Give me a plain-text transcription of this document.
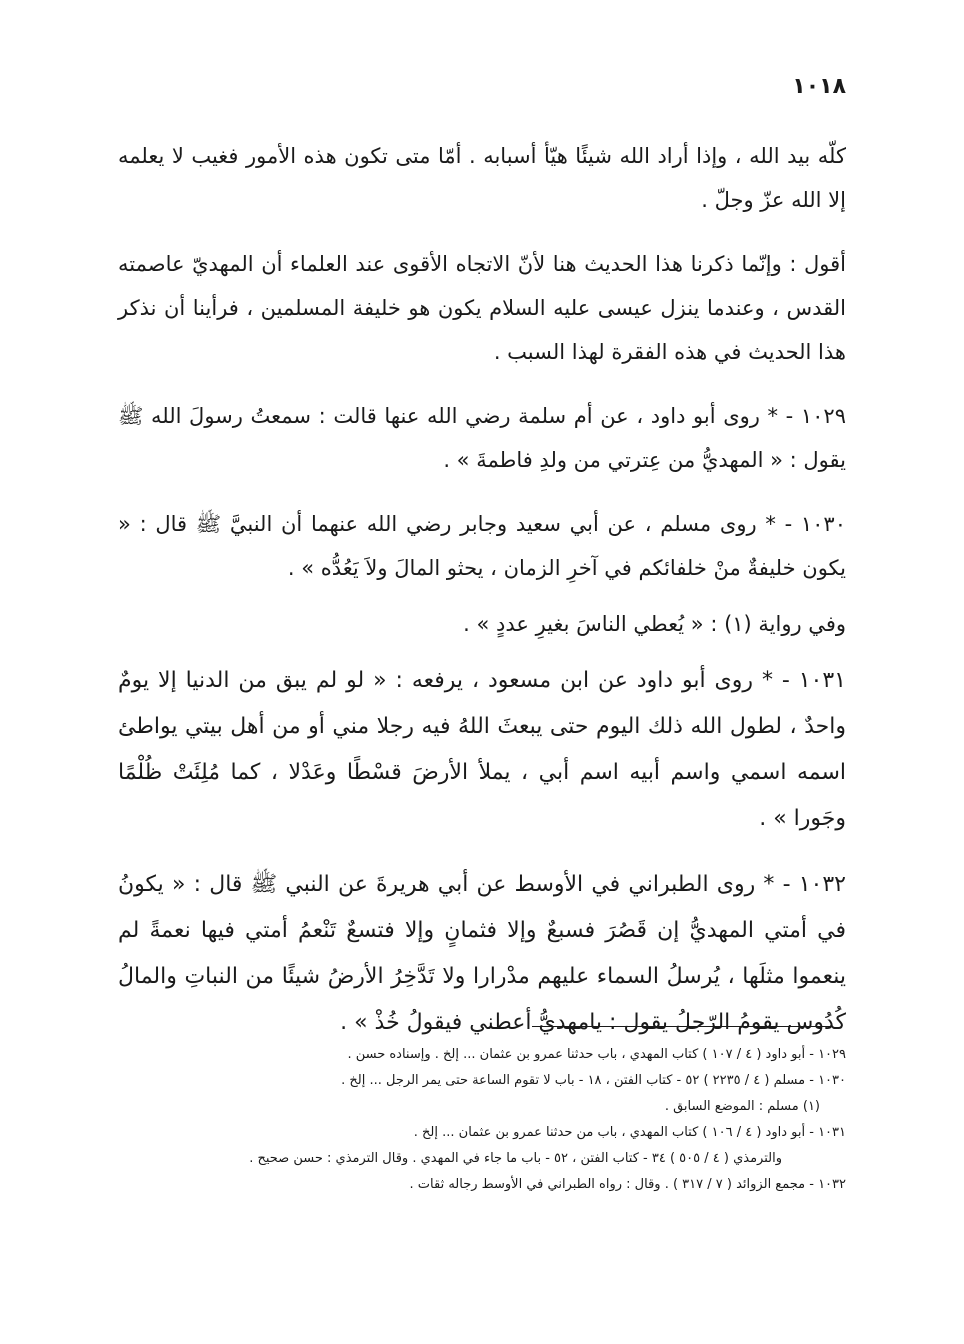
١٠١٨

كلّه بيد الله ، وإذا أراد الله شيئًا هيّأ أسبابه . أمّا متى تكون هذه الأمور فغيب لا يعلمه إلا الله عزّ وجلّ .

أقول : وإنّما ذكرنا هذا الحديث هنا لأنّ الاتجاه الأقوى عند العلماء أن المهديّ عاصمته القدس ، وعندما ينزل عيسى عليه السلام يكون هو خليفة المسلمين ، فرأينا أن نذكر هذا الحديث في هذه الفقرة لهذا السبب .

١٠٢٩ - * روى أبو داود ، عن أم سلمة رضي الله عنها قالت : سمعتُ رسولَ الله ﷺ يقول : « المهديُّ من عِترتي من ولدِ فاطمةَ » .

١٠٣٠ - * روى مسلم ، عن أبي سعيد وجابر رضي الله عنهما أن النبيَّ ﷺ قال : « يكون خليفةٌ منْ خلفائكم في آخرِ الزمان ، يحثو المالَ ولاَ يَعُدُّه » .

وفي رواية (١) : « يُعطي الناسَ بغيرِ عددٍ » .

١٠٣١ - * روى أبو داود عن ابن مسعود ، يرفعه : « لو لم يبق من الدنيا إلا يومٌ واحدٌ ، لطول الله ذلك اليوم حتى يبعثَ اللهُ فيه رجلا مني أو من أهل بيتي يواطئ اسمه اسمي واسم أبيه اسم أبي ، يملأ الأرضَ قسْطًا وعَدْلا ، كما مُلِئَتْ ظُلْمًا وجَورا » .

١٠٣٢ - * روى الطبراني في الأوسط عن أبي هريرةَ عن النبي ﷺ قال : « يكونُ في أمتي المهديُّ إن قَصُرَ فسبعٌ وإلا فثمانٍ وإلا فتسعٌ تَنْعمُ أمتي فيها نعمةً لم ينعموا مثلَها ، يُرسلُ السماء عليهم مدْرارا ولا تَدَّخِرُ الأرضُ شيئًا من النباتِ والمالُ كُدُوس يقومُ الرّجلُ يقول : يامهديُّ أعطني فيقولُ خُذْ » .

١٠٢٩ - أبو داود ( ٤ / ١٠٧ ) كتاب المهدي ، باب حدثنا عمرو بن عثمان ... إلخ . وإسناده حسن .

١٠٣٠ - مسلم ( ٤ / ٢٢٣٥ ) ٥٢ - كتاب الفتن ، ١٨ - باب لا تقوم الساعة حتى يمر الرجل ... إلخ .

(١) مسلم : الموضع السابق .

١٠٣١ - أبو داود ( ٤ / ١٠٦ ) كتاب المهدي ، باب من حدثنا عمرو بن عثمان ... إلخ .

والترمذي ( ٤ / ٥٠٥ ) ٣٤ - كتاب الفتن ، ٥٢ - باب ما جاء في المهدي . وقال الترمذي : حسن صحيح .

١٠٣٢ - مجمع الزوائد ( ٧ / ٣١٧ ) . وقال : رواه الطبراني في الأوسط رجاله ثقات .
